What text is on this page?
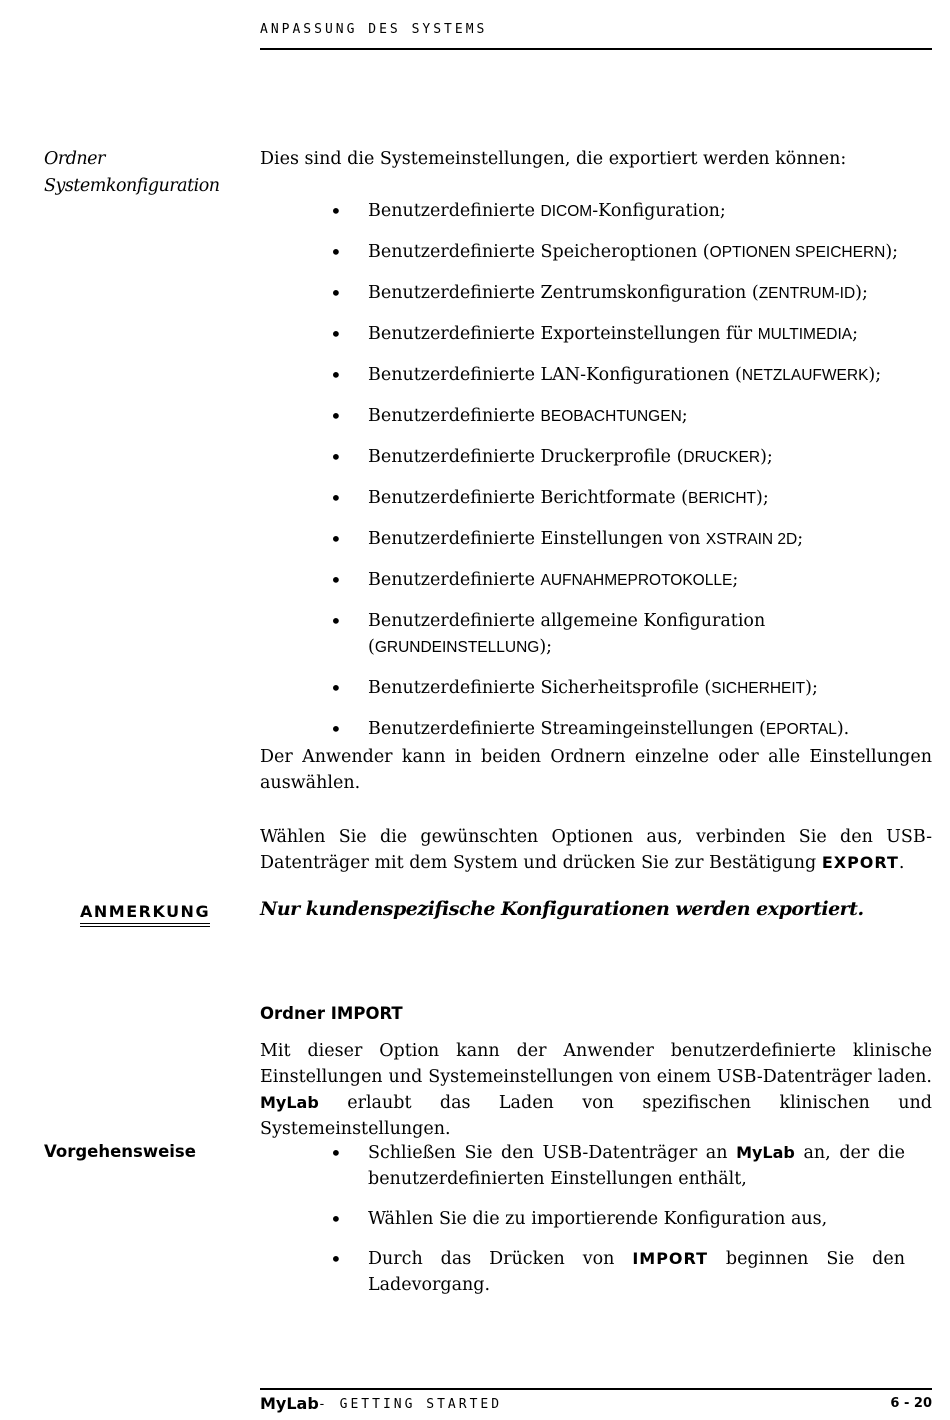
ANPASSUNG DES SYSTEMS
Ordner
Systemkonfiguration
Dies sind die Systemeinstellungen, die exportiert werden können:
• Benutzerdefinierte DICOM-Konfiguration;
• Benutzerdefinierte Speicheroptionen (OPTIONEN SPEICHERN);
• Benutzerdefinierte Zentrumskonfiguration (ZENTRUM-ID);
• Benutzerdefinierte Exporteinstellungen für MULTIMEDIA;
• Benutzerdefinierte LAN-Konfigurationen (NETZLAUFWERK);
• Benutzerdefinierte BEOBACHTUNGEN;
• Benutzerdefinierte Druckerprofile (DRUCKER);
• Benutzerdefinierte Berichtformate (BERICHT);
• Benutzerdefinierte Einstellungen von XSTRAIN 2D;
• Benutzerdefinierte AUFNAHMEPROTOKOLLE;
• Benutzerdefinierte allgemeine Konfiguration (GRUNDEINSTELLUNG);
• Benutzerdefinierte Sicherheitsprofile (SICHERHEIT);
• Benutzerdefinierte Streamingeinstellungen (EPORTAL).
Der Anwender kann in beiden Ordnern einzelne oder alle Einstellungen auswählen.
Wählen Sie die gewünschten Optionen aus, verbinden Sie den USB-Datenträger mit dem System und drücken Sie zur Bestätigung EXPORT.
ANMERKUNG	Nur kundenspezifische Konfigurationen werden exportiert.
Ordner IMPORT
Mit dieser Option kann der Anwender benutzerdefinierte klinische Einstellungen und Systemeinstellungen von einem USB-Datenträger laden. MyLab erlaubt das Laden von spezifischen klinischen und Systemeinstellungen.
Vorgehensweise
•	Schließen Sie den USB-Datenträger an MyLab an, der die benutzerdefinierten Einstellungen enthält,
• Wählen Sie die zu importierende Konfiguration aus,
• Durch das Drücken von IMPORT beginnen Sie den Ladevorgang.
MyLab - GETTING STARTED	6 - 20
